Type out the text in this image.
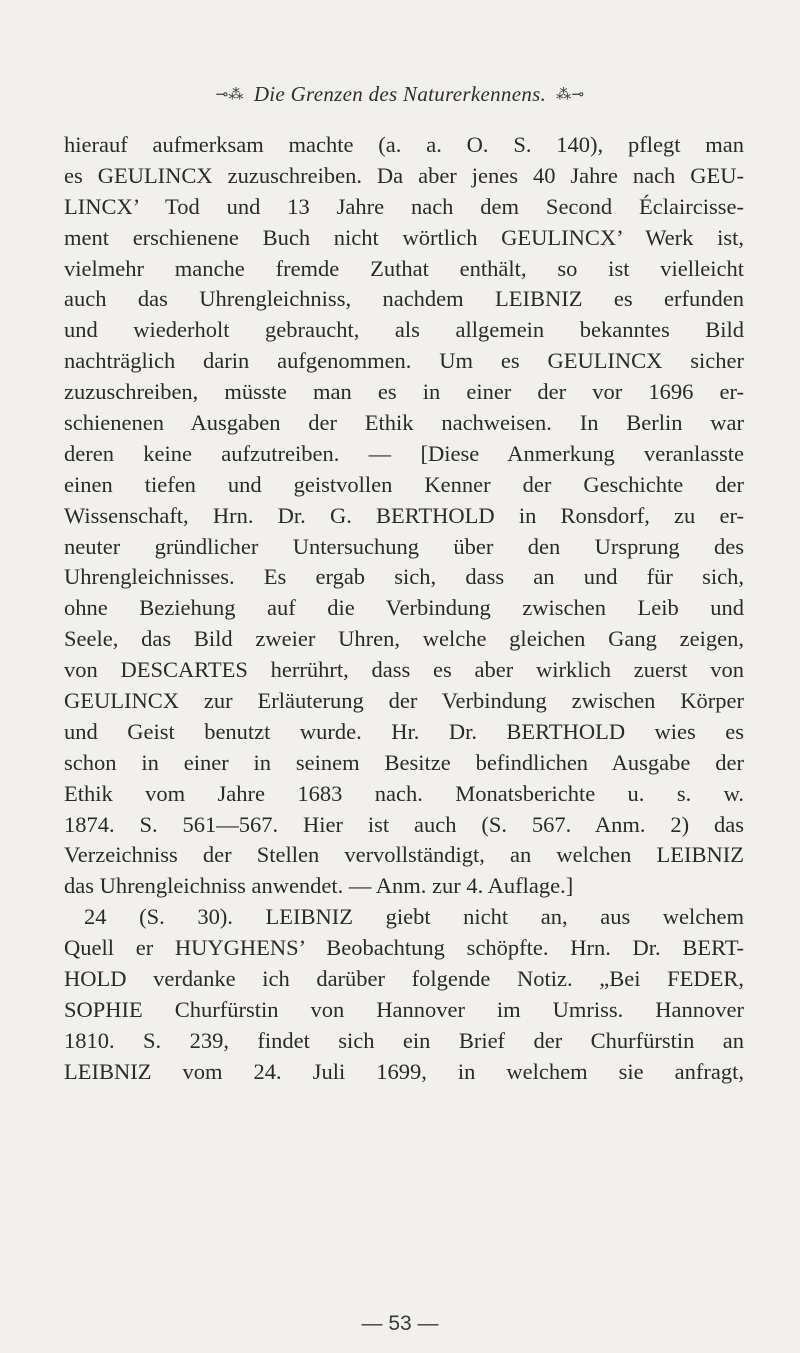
⊸⁂ Die Grenzen des Naturerkennens. ⁂⊸
hierauf aufmerksam machte (a. a. O. S. 140), pflegt man
es GEULINCX zuzuschreiben. Da aber jenes 40 Jahre nach GEU-
LINCX’ Tod und 13 Jahre nach dem Second Éclaircisse-
ment erschienene Buch nicht wörtlich GEULINCX’ Werk ist,
vielmehr manche fremde Zuthat enthält, so ist vielleicht
auch das Uhrengleichniss, nachdem LEIBNIZ es erfunden
und wiederholt gebraucht, als allgemein bekanntes Bild
nachträglich darin aufgenommen. Um es GEULINCX sicher
zuzuschreiben, müsste man es in einer der vor 1696 er-
schienenen Ausgaben der Ethik nachweisen. In Berlin war
deren keine aufzutreiben. — [Diese Anmerkung veranlasste
einen tiefen und geistvollen Kenner der Geschichte der
Wissenschaft, Hrn. Dr. G. BERTHOLD in Ronsdorf, zu er-
neuter gründlicher Untersuchung über den Ursprung des
Uhrengleichnisses. Es ergab sich, dass an und für sich,
ohne Beziehung auf die Verbindung zwischen Leib und
Seele, das Bild zweier Uhren, welche gleichen Gang zeigen,
von DESCARTES herrührt, dass es aber wirklich zuerst von
GEULINCX zur Erläuterung der Verbindung zwischen Körper
und Geist benutzt wurde. Hr. Dr. BERTHOLD wies es
schon in einer in seinem Besitze befindlichen Ausgabe der
Ethik vom Jahre 1683 nach. Monatsberichte u. s. w.
1874. S. 561—567. Hier ist auch (S. 567. Anm. 2) das
Verzeichniss der Stellen vervollständigt, an welchen LEIBNIZ
das Uhrengleichniss anwendet. — Anm. zur 4. Auflage.]
24 (S. 30). LEIBNIZ giebt nicht an, aus welchem
Quell er HUYGHENS’ Beobachtung schöpfte. Hrn. Dr. BERT-
HOLD verdanke ich darüber folgende Notiz. „Bei FEDER,
SOPHIE Churfürstin von Hannover im Umriss. Hannover
1810. S. 239, findet sich ein Brief der Churfürstin an
LEIBNIZ vom 24. Juli 1699, in welchem sie anfragt,
— 53 —
